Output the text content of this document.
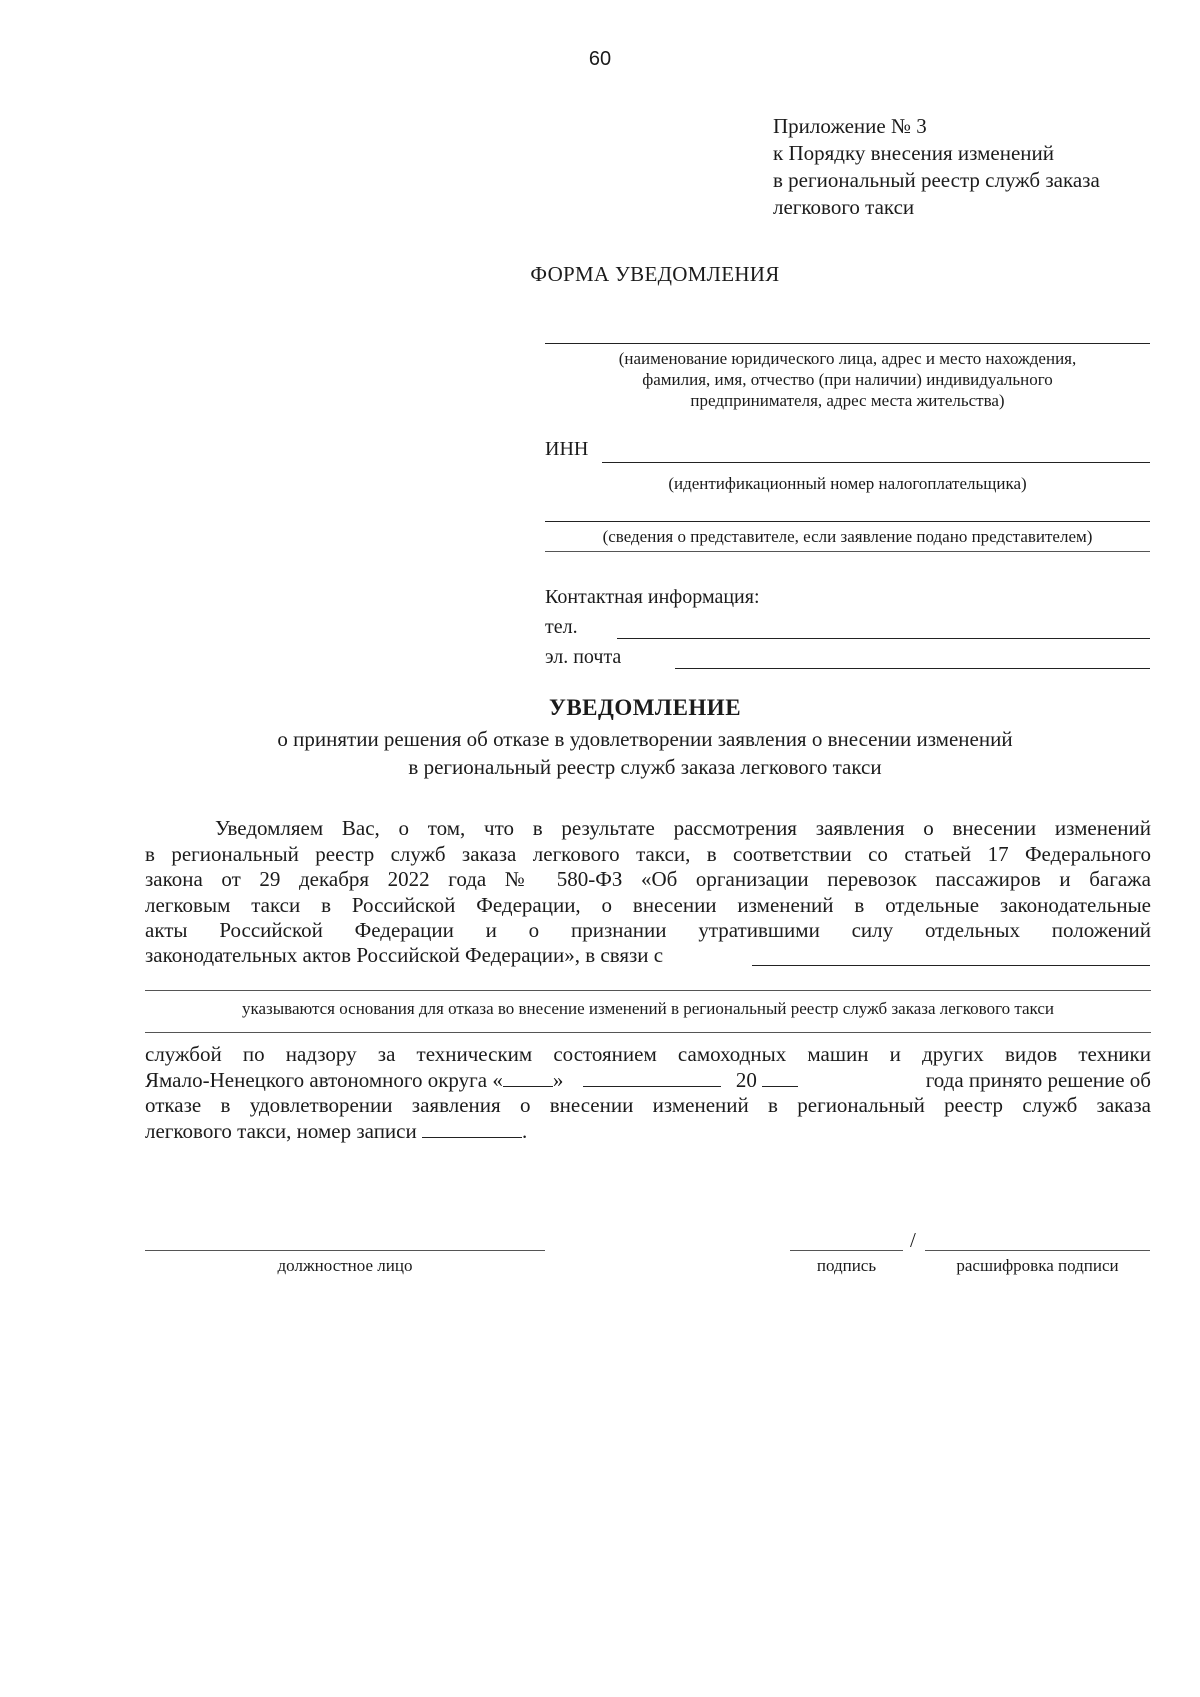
60
Приложение № 3
к Порядку внесения изменений
в региональный реестр служб заказа
легкового такси
ФОРМА УВЕДОМЛЕНИЯ
(наименование юридического лица, адрес и место нахождения,
фамилия, имя, отчество (при наличии) индивидуального
предпринимателя, адрес места жительства)
ИНН
(идентификационный номер налогоплательщика)
(сведения о представителе, если заявление подано представителем)
Контактная информация:
тел.
эл. почта
УВЕДОМЛЕНИЕ
о принятии решения об отказе в удовлетворении заявления о внесении изменений
в региональный реестр служб заказа легкового такси
Уведомляем Вас, о том, что в результате рассмотрения заявления о внесении изменений
в региональный реестр служб заказа легкового такси, в соответствии со статьей 17 Федерального
закона от 29 декабря 2022 года № 580-ФЗ «Об организации перевозок пассажиров и багажа
легковым такси в Российской Федерации, о внесении изменений в отдельные законодательные
акты Российской Федерации и о признании утратившими силу отдельных положений
законодательных актов Российской Федерации», в связи с
указываются основания для отказа во внесение изменений в региональный реестр служб заказа легкового такси
службой по надзору за техническим состоянием самоходных машин и других видов техники
Ямало-Ненецкого автономного округа « »	20	года принято решение об
отказе в удовлетворении заявления о внесении изменений в региональный реестр служб заказа
легкового такси, номер записи	.
должностное лицо
/
подпись	расшифровка подписи
